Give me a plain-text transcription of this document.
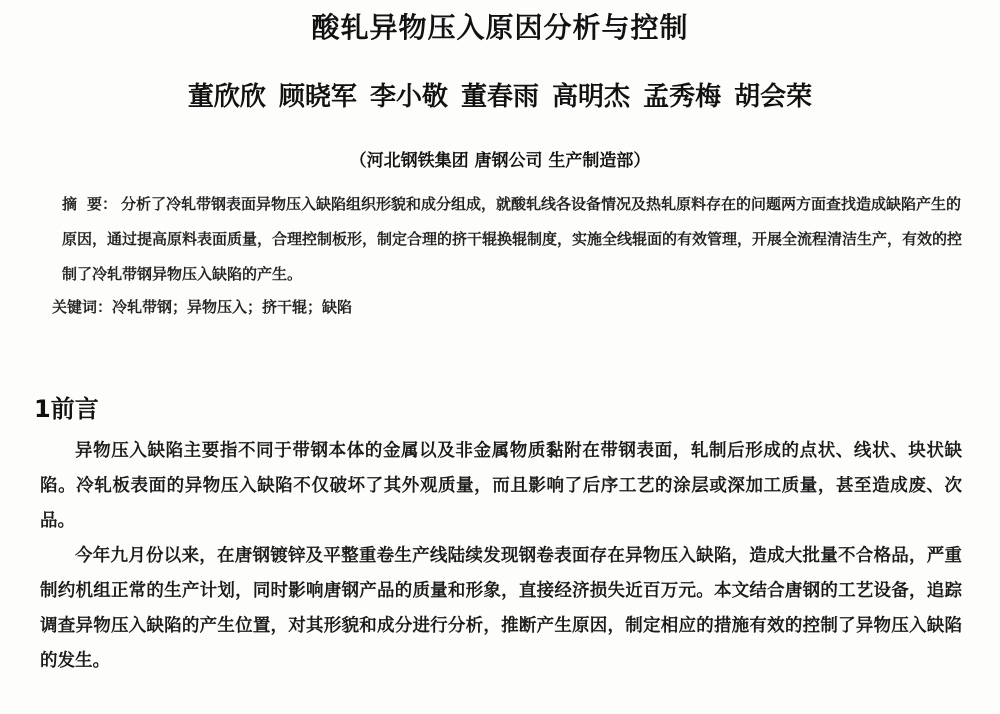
酸轧异物压入原因分析与控制
董欣欣 顾晓军 李小敬 董春雨 高明杰 孟秀梅 胡会荣
（河北钢铁集团 唐钢公司 生产制造部）
摘 要： 分析了冷轧带钢表面异物压入缺陷组织形貌和成分组成，就酸轧线各设备情况及热轧原料存在的问题两方面查找造成缺陷产生的原因，通过提高原料表面质量，合理控制板形，制定合理的挤干辊换辊制度，实施全线辊面的有效管理，开展全流程清洁生产，有效的控制了冷轧带钢异物压入缺陷的产生。
关键词：冷轧带钢；异物压入；挤干辊；缺陷
1前言

异物压入缺陷主要指不同于带钢本体的金属以及非金属物质黏附在带钢表面，轧制后形成的点状、线状、块状缺陷。冷轧板表面的异物压入缺陷不仅破坏了其外观质量，而且影响了后序工艺的涂层或深加工质量，甚至造成废、次品。

今年九月份以来，在唐钢镀锌及平整重卷生产线陆续发现钢卷表面存在异物压入缺陷，造成大批量不合格品，严重制约机组正常的生产计划，同时影响唐钢产品的质量和形象，直接经济损失近百万元。本文结合唐钢的工艺设备，追踪调查异物压入缺陷的产生位置，对其形貌和成分进行分析，推断产生原因，制定相应的措施有效的控制了异物压入缺陷的发生。
